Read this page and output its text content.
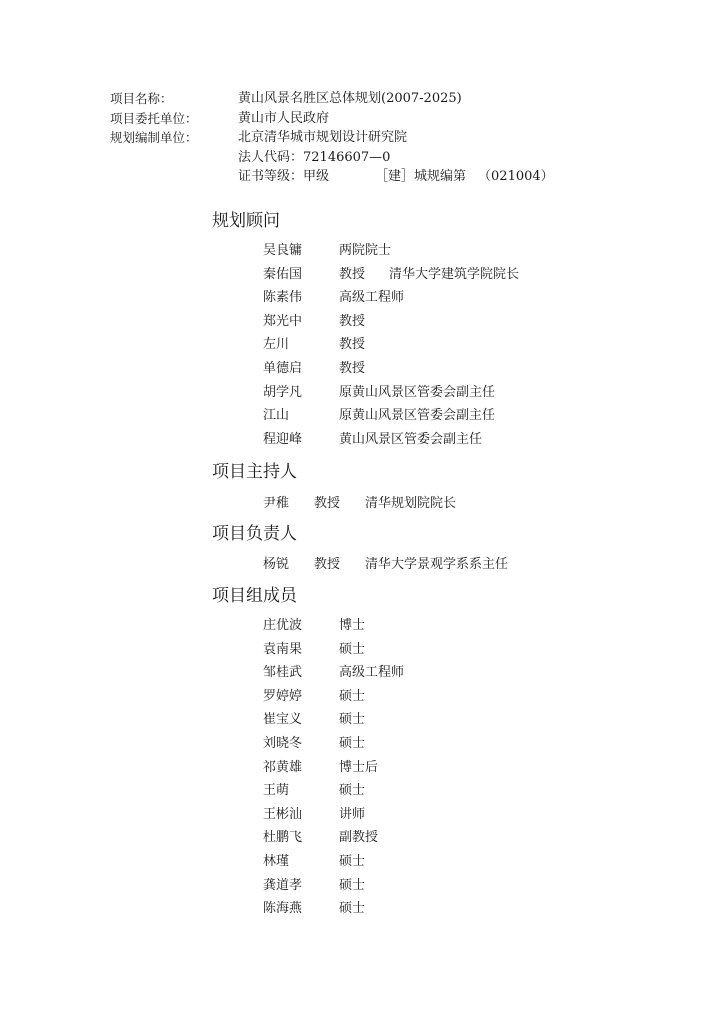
项目名称：	黄山风景名胜区总体规划(2007-2025)
项目委托单位：	黄山市人民政府
规划编制单位：	北京清华城市规划设计研究院
法人代码：72146607—0
证书等级：甲级	［建］城规编第 （021004）
规划顾问
吴良镛	两院院士
秦佑国	教授 清华大学建筑学院院长
陈素伟	高级工程师
郑光中	教授
左川	教授
单德启	教授
胡学凡	原黄山风景区管委会副主任
江山	原黄山风景区管委会副主任
程迎峰	黄山风景区管委会副主任
项目主持人
尹稚	教授	清华规划院院长
项目负责人
杨锐	教授	清华大学景观学系系主任
项目组成员
庄优波	博士
袁南果	硕士
邹桂武	高级工程师
罗婷婷	硕士
崔宝义	硕士
刘晓冬	硕士
祁黄雄	博士后
王萌	硕士
王彬汕	讲师
杜鹏飞	副教授
林瑾	硕士
龚道孝	硕士
陈海燕	硕士
